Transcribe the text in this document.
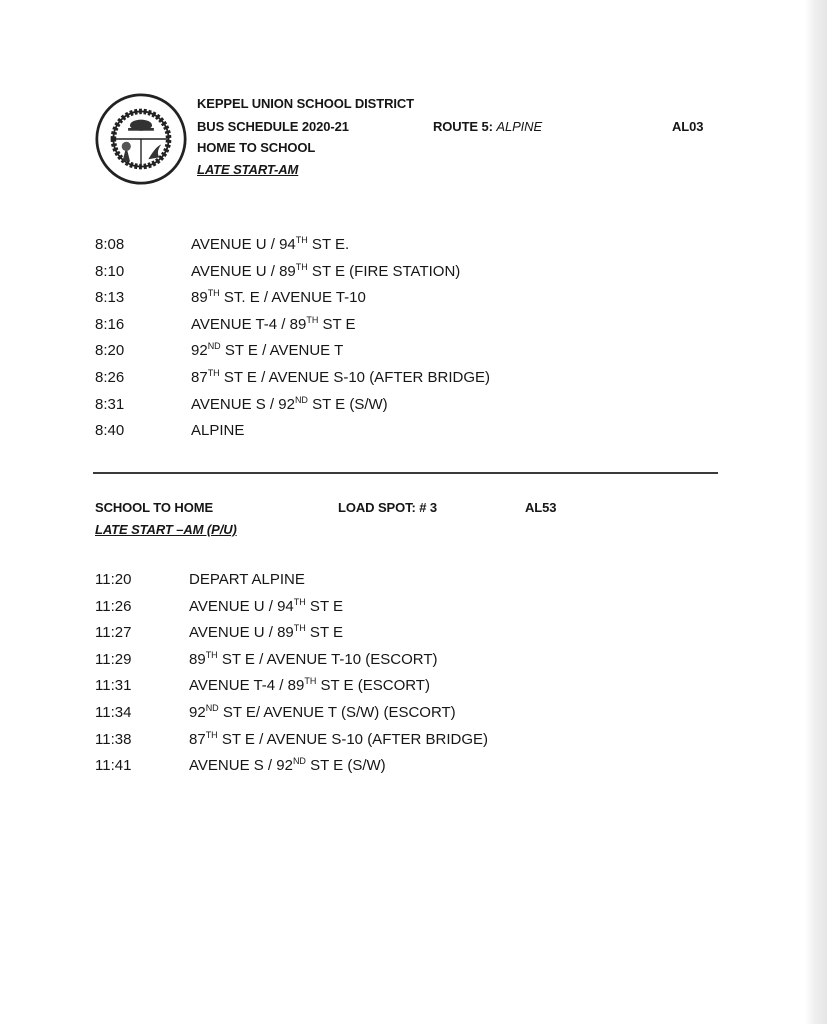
KEPPEL UNION SCHOOL DISTRICT
BUS SCHEDULE 2020-21
HOME TO SCHOOL
LATE START-AM
ROUTE 5: ALPINE	AL03
8:08	AVENUE U / 94TH ST E.
8:10	AVENUE U / 89TH ST E (FIRE STATION)
8:13	89TH ST. E / AVENUE T-10
8:16	AVENUE T-4 / 89TH ST E
8:20	92ND ST E / AVENUE T
8:26	87TH ST E / AVENUE S-10 (AFTER BRIDGE)
8:31	AVENUE S / 92ND ST E (S/W)
8:40	ALPINE
SCHOOL TO HOME	LOAD SPOT: # 3	AL53
LATE START –AM (P/U)
11:20	DEPART ALPINE
11:26	AVENUE U / 94TH ST E
11:27	AVENUE U / 89TH ST E
11:29	89TH ST E / AVENUE T-10 (ESCORT)
11:31	AVENUE T-4 / 89TH ST E (ESCORT)
11:34	92ND ST E/ AVENUE T (S/W) (ESCORT)
11:38	87TH ST E / AVENUE S-10 (AFTER BRIDGE)
11:41	AVENUE S / 92ND ST E (S/W)
